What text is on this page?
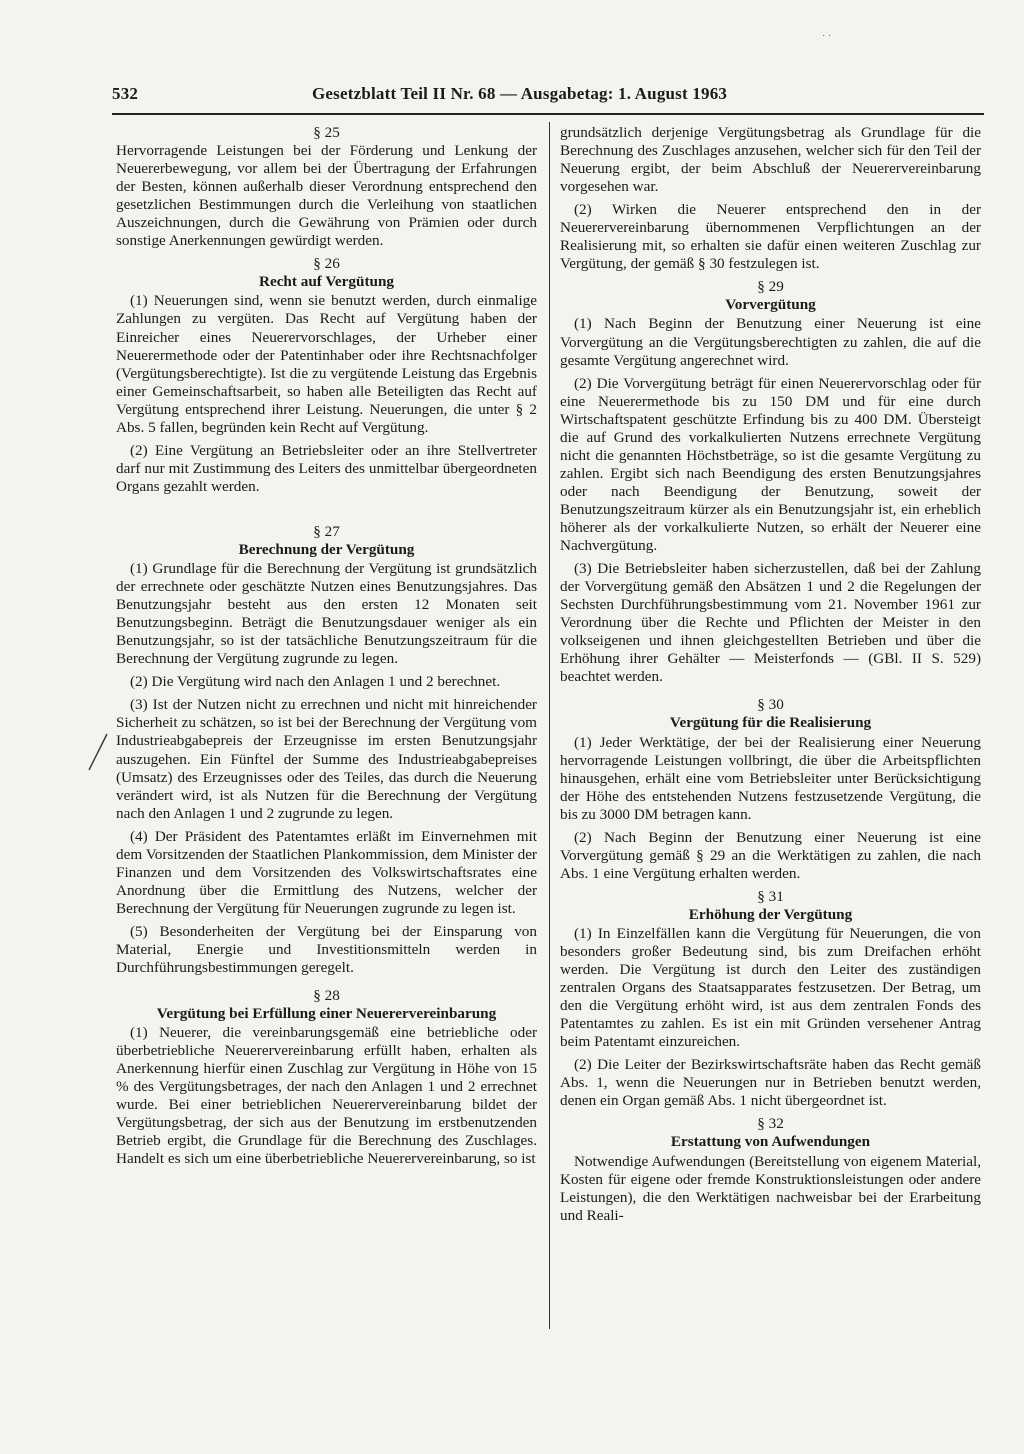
532	Gesetzblatt Teil II Nr. 68 — Ausgabetag: 1. August 1963

§ 25

Hervorragende Leistungen bei der Förderung und Lenkung der Neuererbewegung, vor allem bei der Übertragung der Erfahrungen der Besten, können außerhalb dieser Verordnung entsprechend den gesetzlichen Bestimmungen durch die Verleihung von staatlichen Auszeichnungen, durch die Gewährung von Prämien oder durch sonstige Anerkennungen gewürdigt werden.

§ 26

Recht auf Vergütung

(1) Neuerungen sind, wenn sie benutzt werden, durch einmalige Zahlungen zu vergüten. Das Recht auf Vergütung haben der Einreicher eines Neuerervorschlages, der Urheber einer Neuerermethode oder der Patentinhaber oder ihre Rechtsnachfolger (Vergütungsberechtigte). Ist die zu vergütende Leistung das Ergebnis einer Gemeinschaftsarbeit, so haben alle Beteiligten das Recht auf Vergütung entsprechend ihrer Leistung. Neuerungen, die unter § 2 Abs. 5 fallen, begründen kein Recht auf Vergütung.

(2) Eine Vergütung an Betriebsleiter oder an ihre Stellvertreter darf nur mit Zustimmung des Leiters des unmittelbar übergeordneten Organs gezahlt werden.

§ 27

Berechnung der Vergütung

(1) Grundlage für die Berechnung der Vergütung ist grundsätzlich der errechnete oder geschätzte Nutzen eines Benutzungsjahres. Das Benutzungsjahr besteht aus den ersten 12 Monaten seit Benutzungsbeginn. Beträgt die Benutzungsdauer weniger als ein Benutzungsjahr, so ist der tatsächliche Benutzungszeitraum für die Berechnung der Vergütung zugrunde zu legen.

(2) Die Vergütung wird nach den Anlagen 1 und 2 berechnet.

(3) Ist der Nutzen nicht zu errechnen und nicht mit hinreichender Sicherheit zu schätzen, so ist bei der Berechnung der Vergütung vom Industrieabgabepreis der Erzeugnisse im ersten Benutzungsjahr auszugehen. Ein Fünftel der Summe des Industrieabgabepreises (Umsatz) des Erzeugnisses oder des Teiles, das durch die Neuerung verändert wird, ist als Nutzen für die Berechnung der Vergütung nach den Anlagen 1 und 2 zugrunde zu legen.

(4) Der Präsident des Patentamtes erläßt im Einvernehmen mit dem Vorsitzenden der Staatlichen Plankommission, dem Minister der Finanzen und dem Vorsitzenden des Volkswirtschaftsrates eine Anordnung über die Ermittlung des Nutzens, welcher der Berechnung der Vergütung für Neuerungen zugrunde zu legen ist.

(5) Besonderheiten der Vergütung bei der Einsparung von Material, Energie und Investitionsmitteln werden in Durchführungsbestimmungen geregelt.

§ 28

Vergütung bei Erfüllung einer Neuerervereinbarung

(1) Neuerer, die vereinbarungsgemäß eine betriebliche oder überbetriebliche Neuerervereinbarung erfüllt haben, erhalten als Anerkennung hierfür einen Zuschlag zur Vergütung in Höhe von 15 % des Vergütungsbetrages, der nach den Anlagen 1 und 2 errechnet wurde. Bei einer betrieblichen Neuerervereinbarung bildet der Vergütungsbetrag, der sich aus der Benutzung im erstbenutzenden Betrieb ergibt, die Grundlage für die Berechnung des Zuschlages. Handelt es sich um eine überbetriebliche Neuerervereinbarung, so ist

grundsätzlich derjenige Vergütungsbetrag als Grundlage für die Berechnung des Zuschlages anzusehen, welcher sich für den Teil der Neuerung ergibt, der beim Abschluß der Neuerervereinbarung vorgesehen war.

(2) Wirken die Neuerer entsprechend den in der Neuerervereinbarung übernommenen Verpflichtungen an der Realisierung mit, so erhalten sie dafür einen weiteren Zuschlag zur Vergütung, der gemäß § 30 festzulegen ist.

§ 29

Vorvergütung

(1) Nach Beginn der Benutzung einer Neuerung ist eine Vorvergütung an die Vergütungsberechtigten zu zahlen, die auf die gesamte Vergütung angerechnet wird.

(2) Die Vorvergütung beträgt für einen Neuerervorschlag oder für eine Neuerermethode bis zu 150 DM und für eine durch Wirtschaftspatent geschützte Erfindung bis zu 400 DM. Übersteigt die auf Grund des vorkalkulierten Nutzens errechnete Vergütung nicht die genannten Höchstbeträge, so ist die gesamte Vergütung zu zahlen. Ergibt sich nach Beendigung des ersten Benutzungsjahres oder nach Beendigung der Benutzung, soweit der Benutzungszeitraum kürzer als ein Benutzungsjahr ist, ein erheblich höherer als der vorkalkulierte Nutzen, so erhält der Neuerer eine Nachvergütung.

(3) Die Betriebsleiter haben sicherzustellen, daß bei der Zahlung der Vorvergütung gemäß den Absätzen 1 und 2 die Regelungen der Sechsten Durchführungsbestimmung vom 21. November 1961 zur Verordnung über die Rechte und Pflichten der Meister in den volkseigenen und ihnen gleichgestellten Betrieben und über die Erhöhung ihrer Gehälter — Meisterfonds — (GBl. II S. 529) beachtet werden.

§ 30

Vergütung für die Realisierung

(1) Jeder Werktätige, der bei der Realisierung einer Neuerung hervorragende Leistungen vollbringt, die über die Arbeitspflichten hinausgehen, erhält eine vom Betriebsleiter unter Berücksichtigung der Höhe des entstehenden Nutzens festzusetzende Vergütung, die bis zu 3000 DM betragen kann.

(2) Nach Beginn der Benutzung einer Neuerung ist eine Vorvergütung gemäß § 29 an die Werktätigen zu zahlen, die nach Abs. 1 eine Vergütung erhalten werden.

§ 31

Erhöhung der Vergütung

(1) In Einzelfällen kann die Vergütung für Neuerungen, die von besonders großer Bedeutung sind, bis zum Dreifachen erhöht werden. Die Vergütung ist durch den Leiter des zuständigen zentralen Organs des Staatsapparates festzusetzen. Der Betrag, um den die Vergütung erhöht wird, ist aus dem zentralen Fonds des Patentamtes zu zahlen. Es ist ein mit Gründen versehener Antrag beim Patentamt einzureichen.

(2) Die Leiter der Bezirkswirtschaftsräte haben das Recht gemäß Abs. 1, wenn die Neuerungen nur in Betrieben benutzt werden, denen ein Organ gemäß Abs. 1 nicht übergeordnet ist.

§ 32

Erstattung von Aufwendungen

Notwendige Aufwendungen (Bereitstellung von eigenem Material, Kosten für eigene oder fremde Konstruktionsleistungen oder andere Leistungen), die den Werktätigen nachweisbar bei der Erarbeitung und Reali-

˙ ˙
